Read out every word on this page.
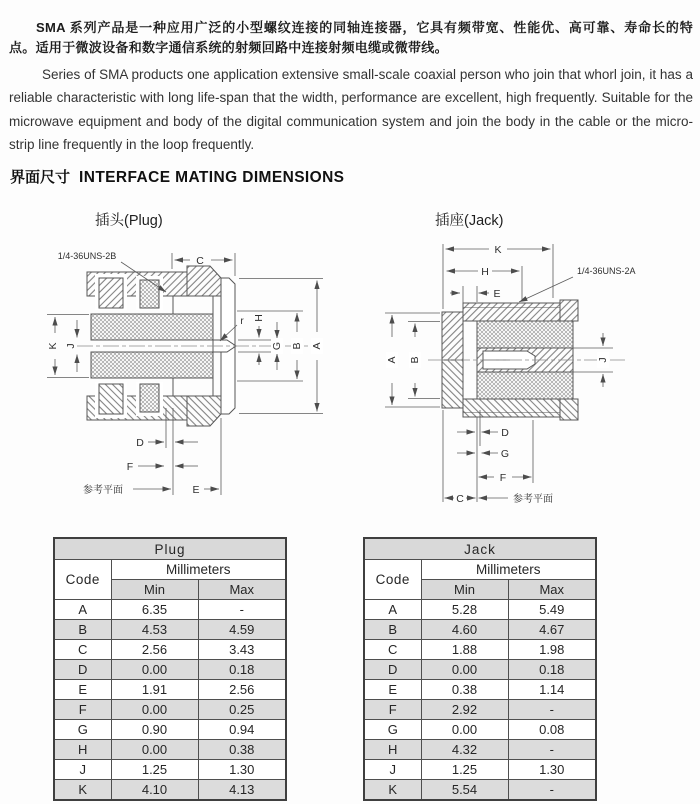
SMA 系列产品是一种应用广泛的小型螺纹连接的同轴连接器，它具有频带宽、性能优、高可靠、寿命长的特点。适用于微波设备和数字通信系统的射频回路中连接射频电缆或微带线。

Series of SMA products one application extensive small-scale coaxial person who join that whorl join, it has a reliable characteristic with long life-span that the width, performance are excellent, high frequently. Suitable for the microwave equipment and body of the digital communication system and join the body in the cable or the micro-strip line frequently in the loop frequently.

界面尺寸 INTERFACE MATING DIMENSIONS
插头(Plug)	插座(Jack)
1/4-36UNS-2B	C
K J
r H
G B A
D
F
E
参考平面
K
H
E
1/4-36UNS-2A
A B	J
D
G
F
C	参考平面
Plug		
Code	Millimeters	
	Min	Max
A	6.35	-
B	4.53	4.59
C	2.56	3.43
D	0.00	0.18
E	1.91	2.56
F	0.00	0.25
G	0.90	0.94
H	0.00	0.38
J	1.25	1.30
K	4.10	4.13
Jack		
Code	Millimeters	
	Min	Max
A	5.28	5.49
B	4.60	4.67
C	1.88	1.98
D	0.00	0.18
E	0.38	1.14
F	2.92	-
G	0.00	0.08
H	4.32	-
J	1.25	1.30
K	5.54	-
